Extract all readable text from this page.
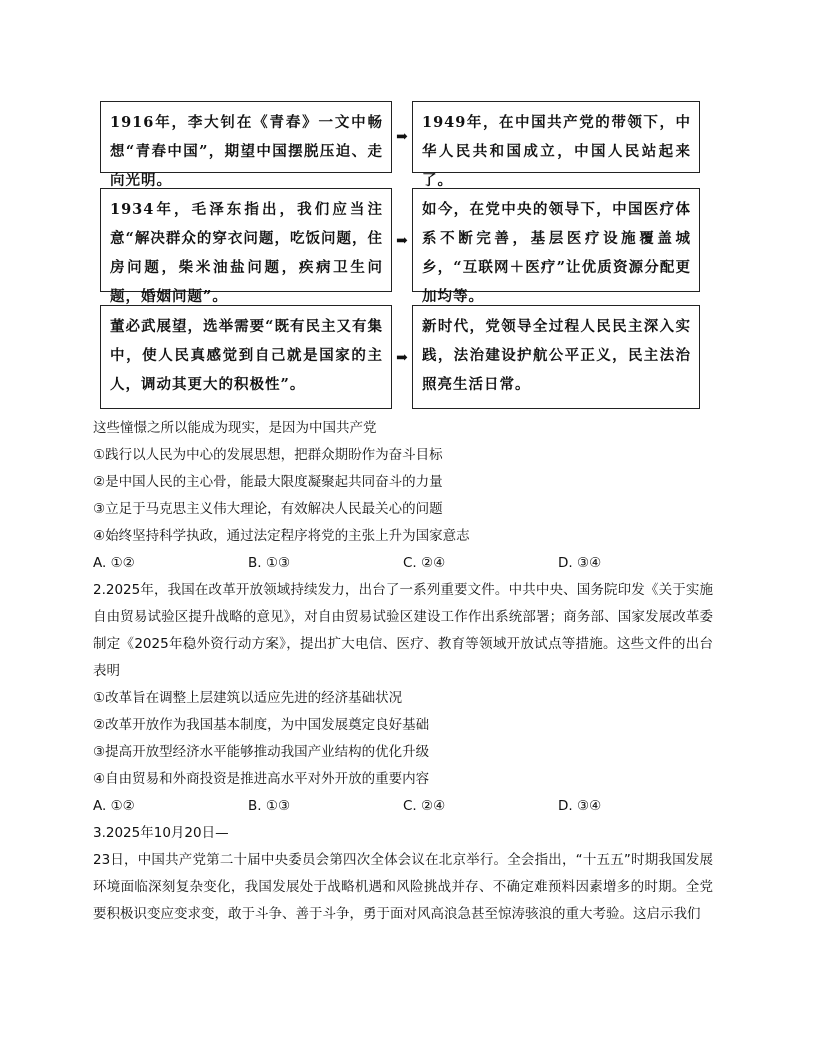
1916年，李大钊在《青春》一文中畅想“青春中国”，期望中国摆脱压迫、走向光明。
➡
1949年，在中国共产党的带领下，中华人民共和国成立，中国人民站起来了。
1934年，毛泽东指出，我们应当注意“解决群众的穿衣问题，吃饭问题，住房问题，柴米油盐问题，疾病卫生问题，婚姻问题”。
➡
如今，在党中央的领导下，中国医疗体系不断完善，基层医疗设施覆盖城乡，“互联网＋医疗”让优质资源分配更加均等。
董必武展望，选举需要“既有民主又有集中，使人民真感觉到自己就是国家的主人，调动其更大的积极性”。
➡
新时代，党领导全过程人民民主深入实践，法治建设护航公平正义，民主法治照亮生活日常。
这些憧憬之所以能成为现实，是因为中国共产党
①践行以人民为中心的发展思想，把群众期盼作为奋斗目标
②是中国人民的主心骨，能最大限度凝聚起共同奋斗的力量
③立足于马克思主义伟大理论，有效解决人民最关心的问题
④始终坚持科学执政，通过法定程序将党的主张上升为国家意志
A. ①②	B. ①③	C. ②④	D. ③④
2.2025年，我国在改革开放领域持续发力，出台了一系列重要文件。中共中央、国务院印发《关于实施自由贸易试验区提升战略的意见》，对自由贸易试验区建设工作作出系统部署；商务部、国家发展改革委制定《2025年稳外资行动方案》，提出扩大电信、医疗、教育等领域开放试点等措施。这些文件的出台表明
①改革旨在调整上层建筑以适应先进的经济基础状况
②改革开放作为我国基本制度，为中国发展奠定良好基础
③提高开放型经济水平能够推动我国产业结构的优化升级
④自由贸易和外商投资是推进高水平对外开放的重要内容
A. ①②	B. ①③	C. ②④	D. ③④
3.2025年10月20日—
23日，中国共产党第二十届中央委员会第四次全体会议在北京举行。全会指出，“十五五”时期我国发展环境面临深刻复杂变化，我国发展处于战略机遇和风险挑战并存、不确定难预料因素增多的时期。全党要积极识变应变求变，敢于斗争、善于斗争，勇于面对风高浪急甚至惊涛骇浪的重大考验。这启示我们
